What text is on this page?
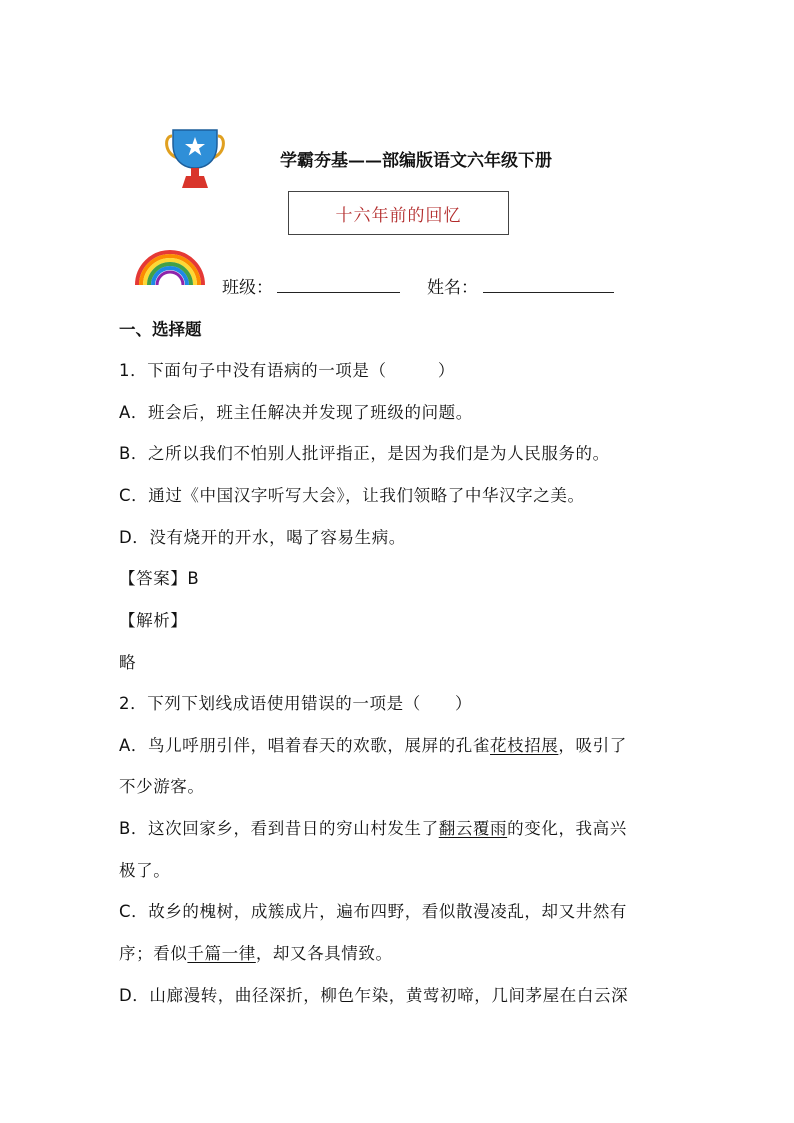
学霸夯基——部编版语文六年级下册
十六年前的回忆
班级：	姓名：
一、选择题
1．下面句子中没有语病的一项是（　　　）
A．班会后，班主任解决并发现了班级的问题。
B．之所以我们不怕别人批评指正，是因为我们是为人民服务的。
C．通过《中国汉字听写大会》，让我们领略了中华汉字之美。
D．没有烧开的开水，喝了容易生病。
【答案】B
【解析】
略
2．下列下划线成语使用错误的一项是（　　）
A．鸟儿呼朋引伴，唱着春天的欢歌，展屏的孔雀花枝招展，吸引了
不少游客。
B．这次回家乡，看到昔日的穷山村发生了翻云覆雨的变化，我高兴
极了。
C．故乡的槐树，成簇成片，遍布四野，看似散漫凌乱，却又井然有
序；看似千篇一律，却又各具情致。
D．山廊漫转，曲径深折，柳色乍染，黄莺初啼，几间茅屋在白云深
